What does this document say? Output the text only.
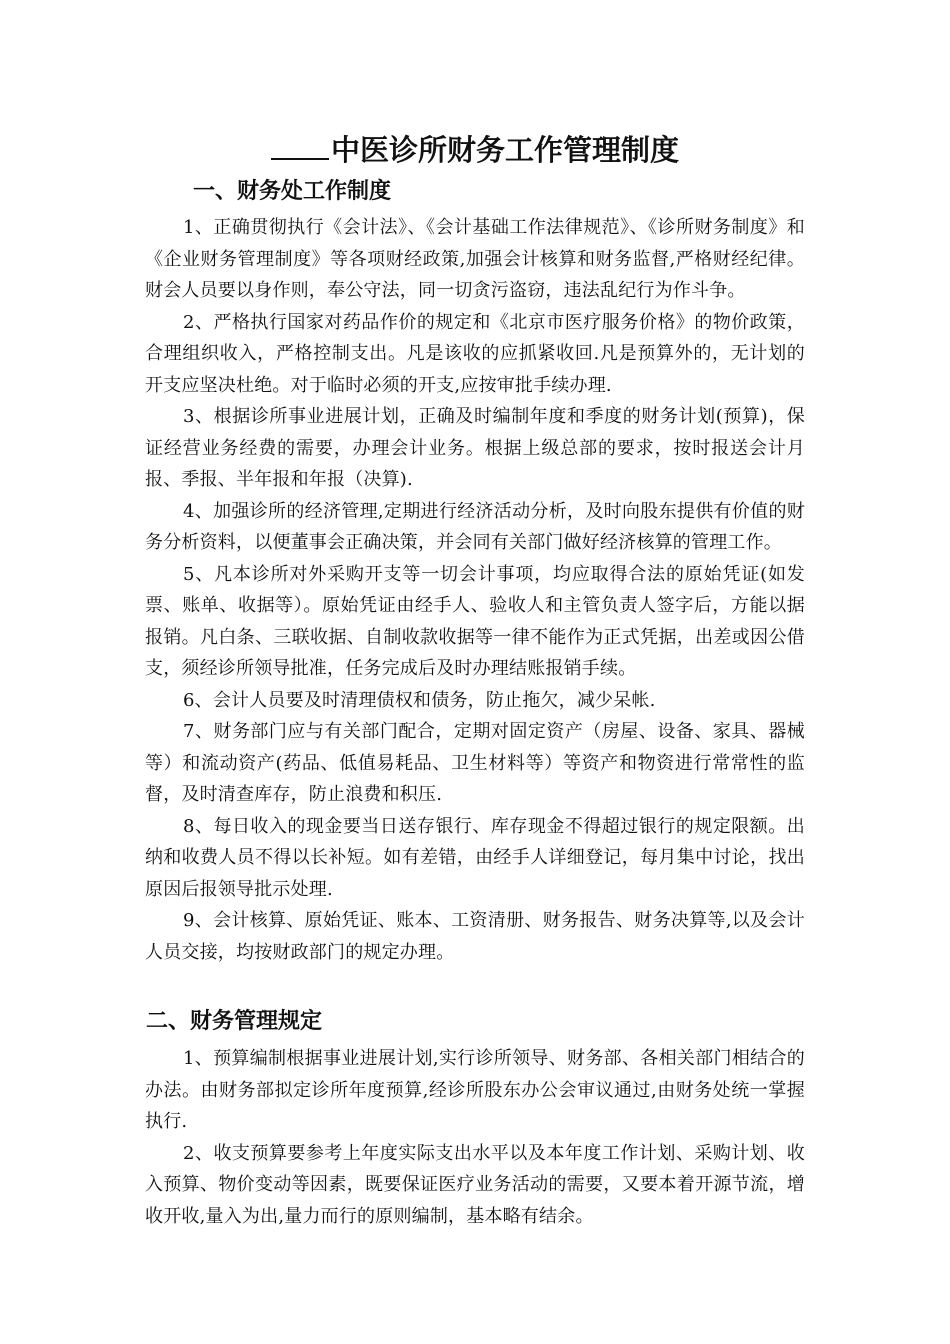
中医诊所财务工作管理制度
一、财务处工作制度

1、正确贯彻执行《会计法》、《会计基础工作法律规范》、《诊所财务制度》和《企业财务管理制度》等各项财经政策,加强会计核算和财务监督,严格财经纪律。财会人员要以身作则，奉公守法，同一切贪污盗窃，违法乱纪行为作斗争。

2、严格执行国家对药品作价的规定和《北京市医疗服务价格》的物价政策，合理组织收入，严格控制支出。凡是该收的应抓紧收回.凡是预算外的，无计划的开支应坚决杜绝。对于临时必须的开支,应按审批手续办理.

3、根据诊所事业进展计划，正确及时编制年度和季度的财务计划(预算)，保证经营业务经费的需要，办理会计业务。根据上级总部的要求，按时报送会计月报、季报、半年报和年报（决算).

4、加强诊所的经济管理,定期进行经济活动分析，及时向股东提供有价值的财务分析资料，以便董事会正确决策，并会同有关部门做好经济核算的管理工作。

5、凡本诊所对外采购开支等一切会计事项，均应取得合法的原始凭证(如发票、账单、收据等）。原始凭证由经手人、验收人和主管负责人签字后，方能以据报销。凡白条、三联收据、自制收款收据等一律不能作为正式凭据，出差或因公借支，须经诊所领导批准，任务完成后及时办理结账报销手续。

6、会计人员要及时清理债权和债务，防止拖欠，减少呆帐.

7、财务部门应与有关部门配合，定期对固定资产（房屋、设备、家具、器械等）和流动资产(药品、低值易耗品、卫生材料等）等资产和物资进行常常性的监督，及时清查库存，防止浪费和积压.

8、每日收入的现金要当日送存银行、库存现金不得超过银行的规定限额。出纳和收费人员不得以长补短。如有差错，由经手人详细登记，每月集中讨论，找出原因后报领导批示处理.

9、会计核算、原始凭证、账本、工资清册、财务报告、财务决算等,以及会计人员交接，均按财政部门的规定办理。

二、财务管理规定

1、预算编制根据事业进展计划,实行诊所领导、财务部、各相关部门相结合的办法。由财务部拟定诊所年度预算,经诊所股东办公会审议通过,由财务处统一掌握执行.

2、收支预算要参考上年度实际支出水平以及本年度工作计划、采购计划、收入预算、物价变动等因素，既要保证医疗业务活动的需要，又要本着开源节流，增收开收,量入为出,量力而行的原则编制，基本略有结余。
